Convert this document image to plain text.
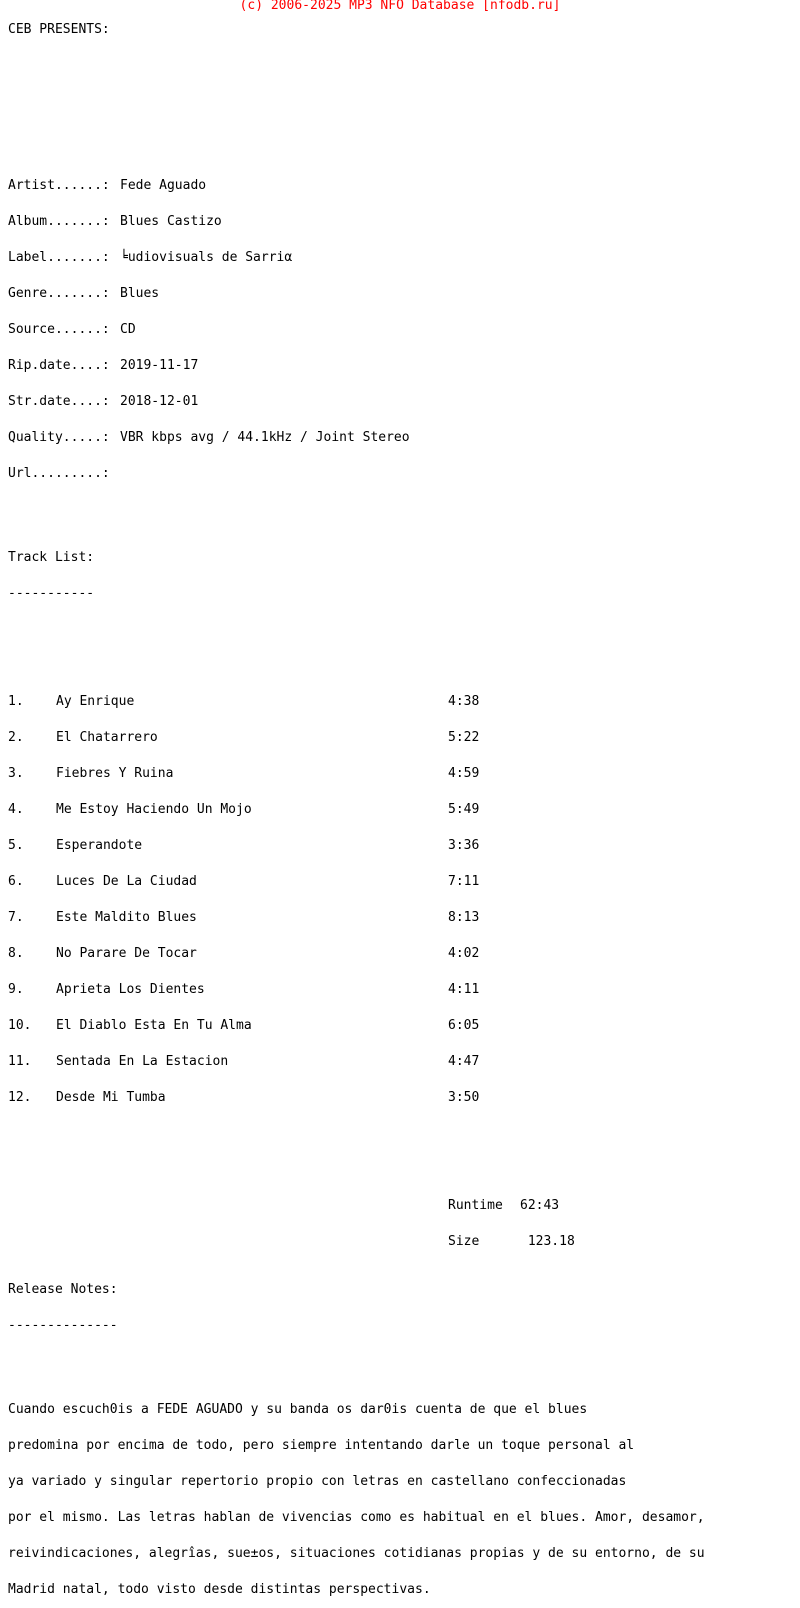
(c) 2006-2025 MP3 NFO Database [nfodb.ru]

CEB PRESENTS:

Artist......: Fede Aguado

Album.......: Blues Castizo

Label.......: ╘udiovisuals de Sarriα

Genre.......: Blues

Source......: CD

Rip.date....: 2019-11-17

Str.date....: 2018-12-01

Quality.....: VBR kbps avg / 44.1kHz / Joint Stereo

Url.........:

Track List:

-----------

1. Ay Enrique	4:38

2. El Chatarrero	5:22

3. Fiebres Y Ruina	4:59

4. Me Estoy Haciendo Un Mojo	5:49

5. Esperandote	3:36

6. Luces De La Ciudad	7:11

7. Este Maldito Blues	8:13

8. No Parare De Tocar	4:02

9. Aprieta Los Dientes	4:11

10. El Diablo Esta En Tu Alma	6:05

11. Sentada En La Estacion	4:47

12. Desde Mi Tumba	3:50

Runtime 62:43

Size	123.18

Release Notes:

--------------

Cuando escuch0is a FEDE AGUADO y su banda os dar0is cuenta de que el blues

predomina por encima de todo, pero siempre intentando darle un toque personal al

ya variado y singular repertorio propio con letras en castellano confeccionadas

por el mismo. Las letras hablan de vivencias como es habitual en el blues. Amor, desamor,

reivindicaciones, alegrîas, sue±os, situaciones cotidianas propias y de su entorno, de su

Madrid natal, todo visto desde distintas perspectivas.
